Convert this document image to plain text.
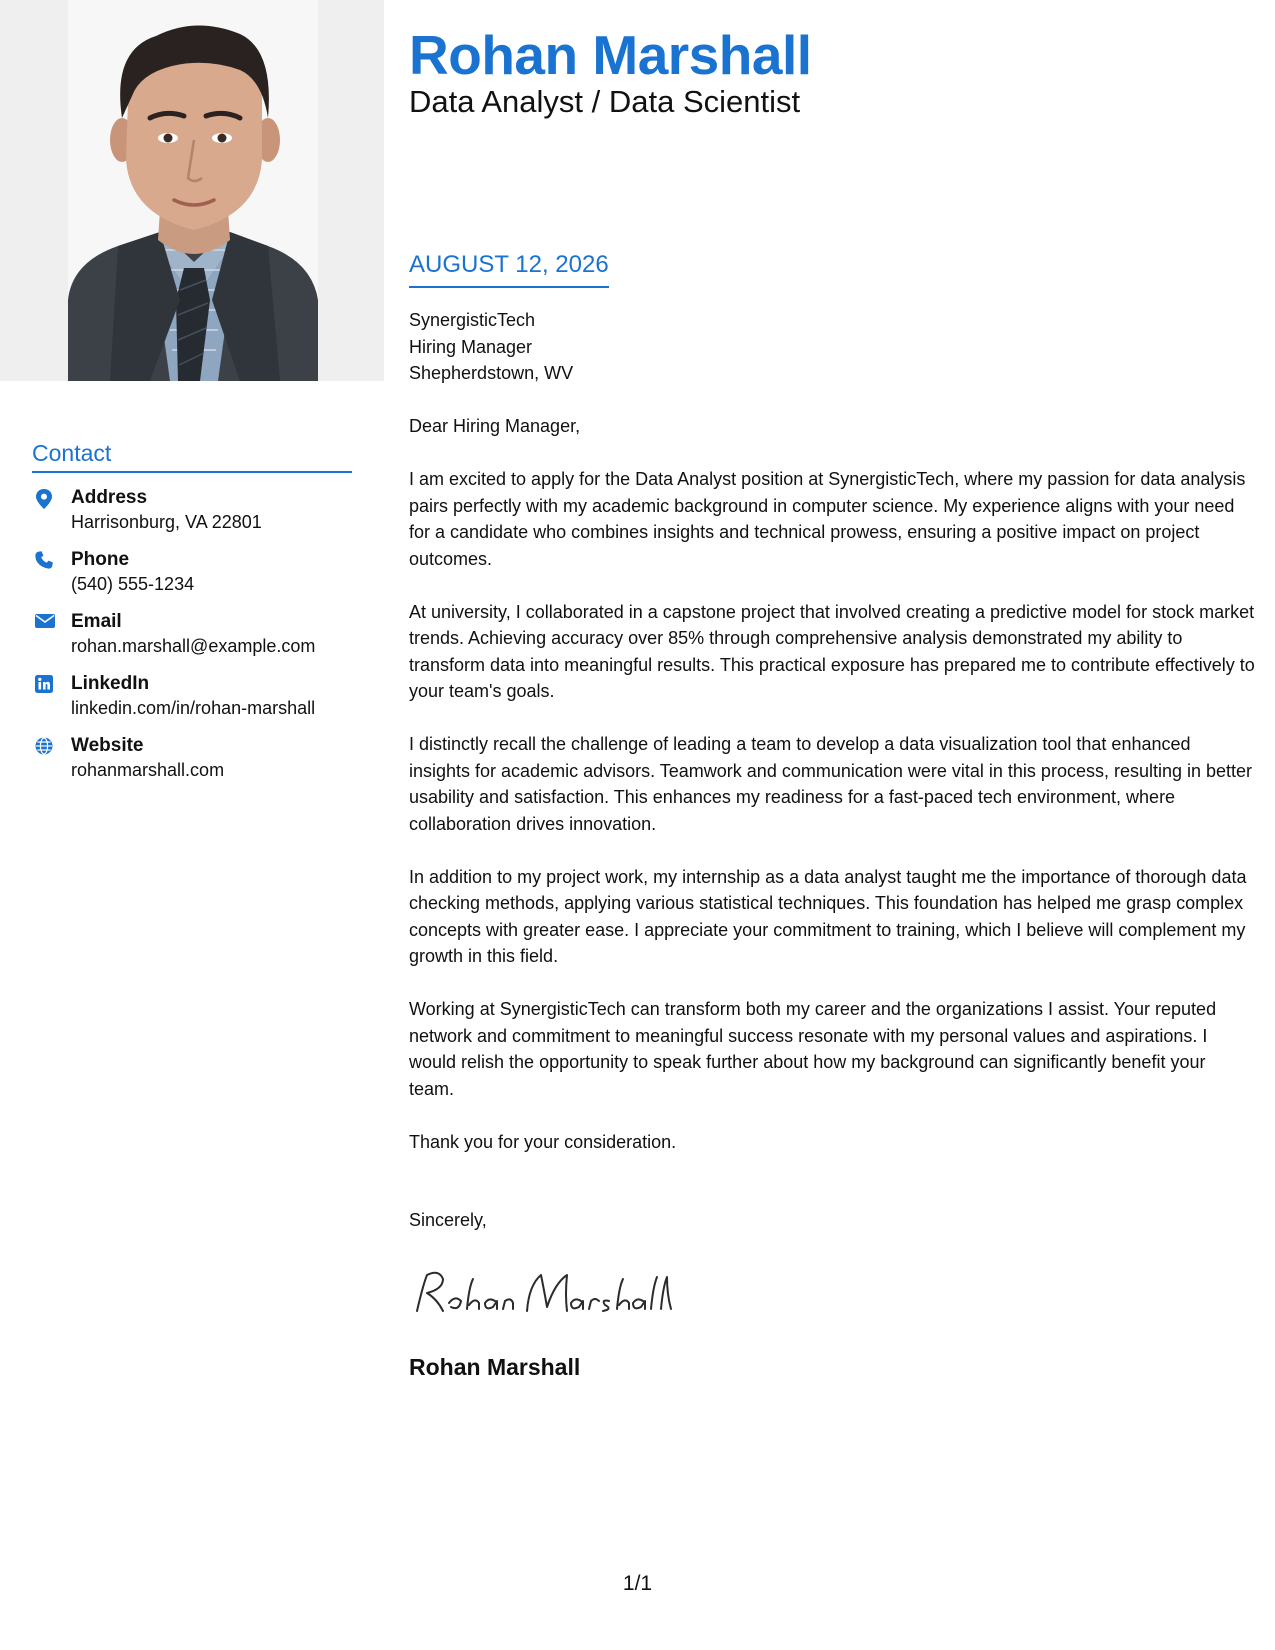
Rohan Marshall
Data Analyst / Data Scientist
AUGUST 12, 2026
SynergisticTech
Hiring Manager
Shepherdstown, WV

Dear Hiring Manager,

I am excited to apply for the Data Analyst position at SynergisticTech, where my passion for data analysis pairs perfectly with my academic background in computer science. My experience aligns with your need for a candidate who combines insights and technical prowess, ensuring a positive impact on project outcomes.

At university, I collaborated in a capstone project that involved creating a predictive model for stock market trends. Achieving accuracy over 85% through comprehensive analysis demonstrated my ability to transform data into meaningful results. This practical exposure has prepared me to contribute effectively to your team's goals.

I distinctly recall the challenge of leading a team to develop a data visualization tool that enhanced insights for academic advisors. Teamwork and communication were vital in this process, resulting in better usability and satisfaction. This enhances my readiness for a fast-paced tech environment, where collaboration drives innovation.

In addition to my project work, my internship as a data analyst taught me the importance of thorough data checking methods, applying various statistical techniques. This foundation has helped me grasp complex concepts with greater ease. I appreciate your commitment to training, which I believe will complement my growth in this field.

Working at SynergisticTech can transform both my career and the organizations I assist. Your reputed network and commitment to meaningful success resonate with my personal values and aspirations. I would relish the opportunity to speak further about how my background can significantly benefit your team.

Thank you for your consideration.

Sincerely,
Rohan Marshall
Contact
Address
Harrisonburg, VA 22801
Phone
(540) 555-1234
Email
rohan.marshall@example.com
LinkedIn
linkedin.com/in/rohan-marshall
Website
rohanmarshall.com
1/1
